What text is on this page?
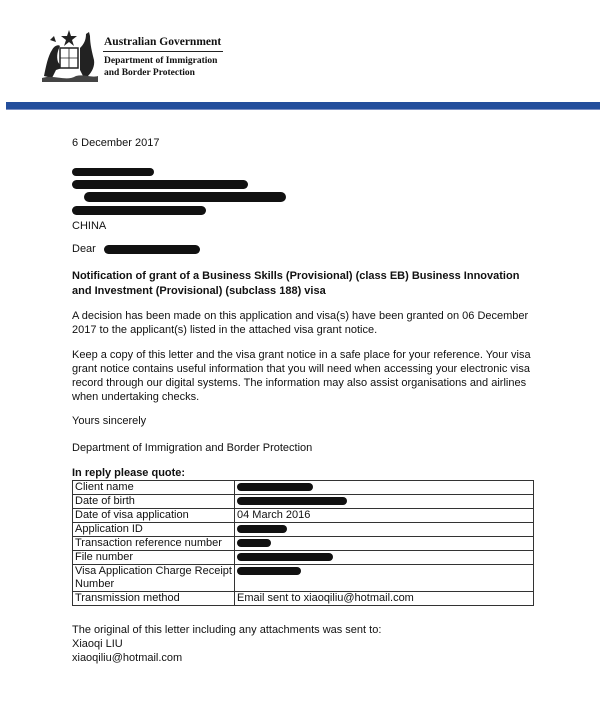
Australian Government
Department of Immigration
and Border Protection
6 December 2017
CHINA
Dear
Notification of grant of a Business Skills (Provisional) (class EB) Business Innovation and Investment (Provisional) (subclass 188) visa
A decision has been made on this application and visa(s) have been granted on 06 December 2017 to the applicant(s) listed in the attached visa grant notice.
Keep a copy of this letter and the visa grant notice in a safe place for your reference. Your visa grant notice contains useful information that you will need when accessing your electronic visa record through our digital systems. The information may also assist organisations and airlines when undertaking checks.
Yours sincerely
Department of Immigration and Border Protection
In reply please quote:
Client name	
Date of birth	
Date of visa application	04 March 2016
Application ID	
Transaction reference number	
File number	
Visa Application Charge Receipt Number	
Transmission method	Email sent to xiaoqiliu@hotmail.com
The original of this letter including any attachments was sent to:
Xiaoqi LIU
xiaoqiliu@hotmail.com
